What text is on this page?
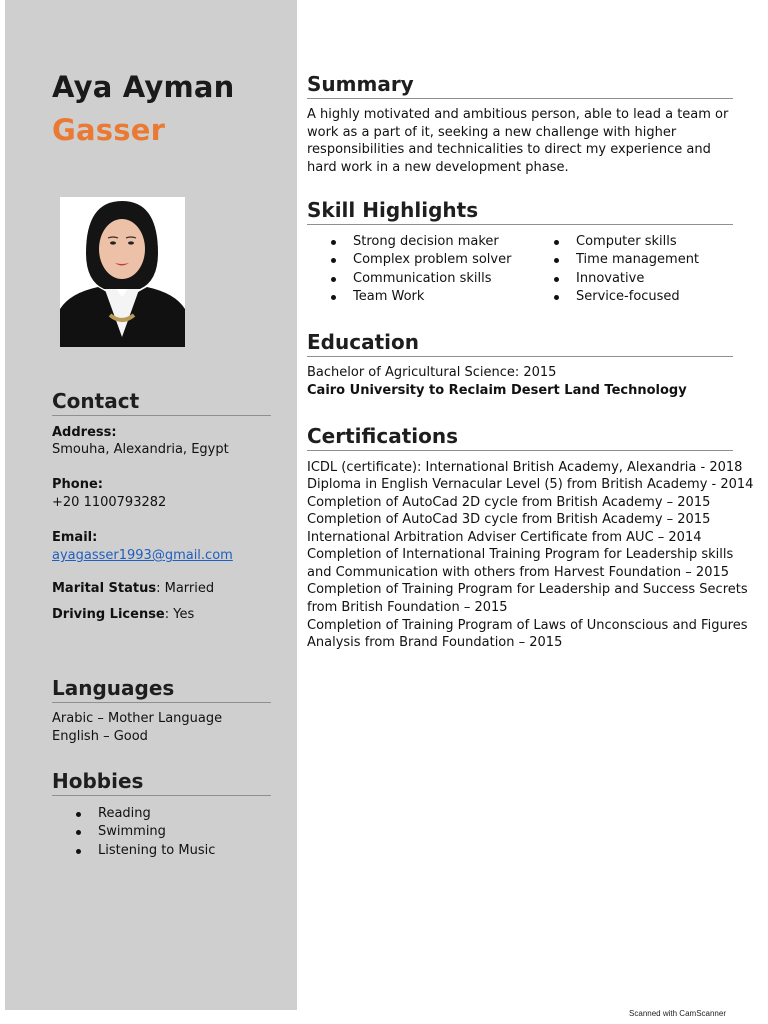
Aya Ayman
Gasser
Contact
Address:
Smouha, Alexandria, Egypt
Phone:
+20 1100793282
Email:
ayagasser1993@gmail.com
Marital Status: Married
Driving License: Yes
Languages
Arabic – Mother Language
English – Good
Hobbies
Reading
Swimming
Listening to Music
Summary
A highly motivated and ambitious person, able to lead a team or work as a part of it, seeking a new challenge with higher responsibilities and technicalities to direct my experience and hard work in a new development phase.
Skill Highlights
Strong decision maker
Complex problem solver
Communication skills
Team Work
Computer skills
Time management
Innovative
Service-focused
Education
Bachelor of Agricultural Science: 2015
Cairo University to Reclaim Desert Land Technology
Certifications
ICDL (certificate): International British Academy, Alexandria - 2018
Diploma in English Vernacular Level (5) from British Academy - 2014
Completion of AutoCad 2D cycle from British Academy – 2015
Completion of AutoCad 3D cycle from British Academy – 2015
International Arbitration Adviser Certificate from AUC – 2014
Completion of International Training Program for Leadership skills
and Communication with others from Harvest Foundation – 2015
Completion of Training Program for Leadership and Success Secrets
from British Foundation – 2015
Completion of Training Program of Laws of Unconscious and Figures
Analysis from Brand Foundation – 2015
Scanned with CamScanner
